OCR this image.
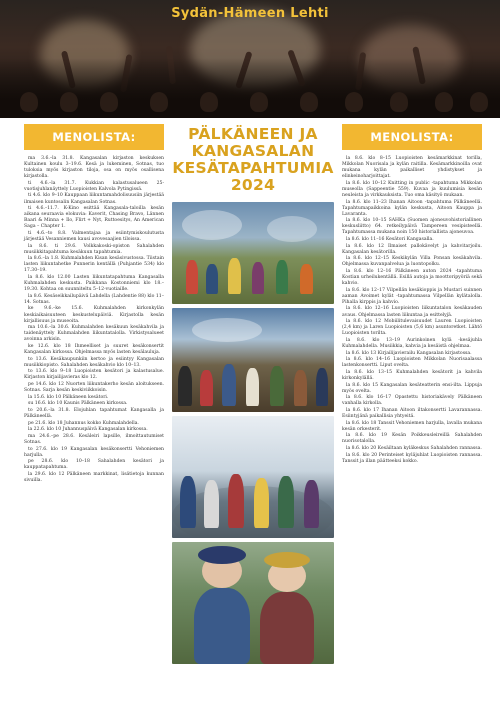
Sydän-Hämeen Lehti
MENOLISTA:

ma 3.6.–la 31.8. Kangasalan kirjaston keskuksen Kultainen koulu 3–19.6. Kesä ja lukeminen, Sotnas, tuo tuloksia myös kirjaston tiloja, osa on myös osallisena kirjastolla.

ti 4.6.–la 31.7. Kukkian kalastusalueen 25-vuotisjuhlanäyttely Luopioisten Kalvola Pytingissä.

ti 4.6. klo 9–10 Kauppaan liikuntamahdolisuusiin järjestää ilmaisen kuntosalin Kangasalan Sotnas.

ti 4.6.–11.7. K-Kino esittää Kangasala-taloilla kesän aikana seuraavia elokuvia: Kaverit, Chasing Bravo, Lännen Baari & Minna + Ilo, Flirt + Nyt, Ruttoesitys, An American Saga – Chapter 1.

ti 4.6.–to 8.8. Valmentajaa ja esiintymiskoulutusta järjestää Vesanniemen kausi avovesaajien tiloissa.

la 8.6. ti 29.6. Volkkakoski-opiston Sahalahden musiikkitapahtuma kesäkuun tapahtumia.

la 8.6.–la 1.8. Kuhmalahden Kisan kesäsivustossa. Tiistain lasten liikuntahetke Punnerin kentällä (Puhjantie 534) klo 17.30–19.

la 8.6. klo 12.00 Lasten liikuntatapahtuma Kangasalla Kuhmalahden keskusta. Paikkana Kostonniemi klo 18.–19.30. Kohtaa on suunniteltu 5–12-vuotiaille.

la 8.6. Kesäseikkailupäivä Lahdella (Lahdentie 88) klo 11–14. Sotnas.

ke 9.6.–ke 15.6. Kuhmalahden kirkonkylän keskiaikaisuuteen keskustelupäiviä. Kirjastolla kesän kirjallisuus ja museoita.

ma 10.6.–la 30.6. Kuhmalahden kesäkuun kesäkahvila ja taidenäyttely Kuhmalahden liikuntatalolla. Virkistysalueet avoinna arkisin.

ke 12.6. klo 18 Ihmeelliset ja suuret kesäkonsertit Kangasalan kirkossa. Ohjelmassa myös lasten kesälauluja.

to 13.6. Kesäkaupunkiin kertoo ja esiintyy Kangasalan musiikkiopisto. Sahalahden kesäkahvio klo 10–13.

to 13.6. klo 9–18 Luopioisten kesätori ja kalastusalue. Kirjaston kirjailijavieras klo 12.

pe 14.6. klo 12 Nuorten liikuntakerho kesän aloitukseen. Sotnas. Sarja kesän keskiviikkoisin.

la 15.6. klo 10 Pälkäneen kesätori.

su 16.6. klo 10 Kaunis Pälkäneen kirkossa.

to 20.6.–la 31.8. Elojuhlan tapahtumat Kangasalla ja Pälkäneellä.

pe 21.6. klo 18 Juhannus kokko Kuhmalahdella.

la 22.6. klo 10 Juhannuspäivä Kangasalan kirkossa.

ma 24.6.–pe 28.6. Kesäleiri lapsille, ilmoittautumiset Sotnas.

to 27.6. klo 19 Kangasalan kesäkonsertti Vehoniemen harjulla.

pe 28.6. klo 10–18 Sahalahden kesätori ja kauppatapahtuma.

la 29.6. klo 12 Pälkäneen markkinat, lisätietoja kunnan sivuilla.

PÄLKÄNEEN JA KANGASALAN KESÄTAPAHTUMIA 2024
MENOLISTA:

la 8.6. klo 8–15 Luopioisten kesämarkkinat torilla, Mikkolan Nuorisala ja kylän raitilla. Kesämarkkinoilla ovat mukana kylän paikalliset yhdistykset ja elinkeinoharjoittajat.

la 8.6. klo 10–12 Knitting in public -tapahtuma Mikkolan museolla (Sappeentie 559). Kuvaa ja kuulumisia kesän neuleista ja virkkauksista. Tuo oma käsityö mukaan.

la 8.6. klo 11–23 Ihanan Aitoon -tapahtuma Pälkäneellä. Tapahtumapaikkoina kylän keskusta, Aitoon Kauppa ja Lavaranta.

la 8.6. klo 10–15 SAHKa (Suomen ajoneuvohistoriallinen keskusliitto) 64. retkeilypäivä Tampereen vesipisteellä. Tapahtumassa mukana noin 150 historiallista ajoneuvoa.

la 8.6. klo 11–16 Kesätori Kangasalla.

la 8.6. klo 12 Ilmaiset pallokävelyt ja kahvitarjoilu. Kangasalan kesätorilla.

la 8.6. klo 12–15 Keskikylän Villa Ponsan kesäkahvila. Ohjelmassa kuvanpalvelua ja luontopolku.

la 8.6. klo 12–16 Pälkäneen auton 2024 -tapahtuma Kostian urheilukentällä. Esillä autoja ja moottoripyöriä sekä kahvio.

la 8.6. klo 12–17 Vilpellän kesäkioppis ja Mustari suinnen aaman Avoimet kylät -tapahtumassa Vilpellän kylätalolla. Pihalla kirppis ja kahvio.

la 8.6. klo 12–16 Luopioisten liikuntatalon kesäkauden avaus. Ohjelmassa lasten liikuntaa ja esittelyjä.

la 8.6. klo 12 Mobiilitulevaisuudet Lauren Luopioisten (2,4 km) ja Laren Luopioisten (5,6 km) asuntoretket. Lähtö Luopioisten torilta.

la 8.6. klo 13–19 Aurinkoinen kylä -kesäjuhla Kuhmalahdella. Musiikkia, kahvia ja kesäistä ohjelmaa.

la 8.6. klo 13 Kirjailijavierailu Kangasalan kirjastossa.

la 8.6. klo 14–16 Luopioisten Mikkolan Nuorisaalassa lastenkonsertti. Liput ovelta.

la 8.6. klo 13–15 Kuhmalahden kesätorit ja kahvila kirkonkylällä.

la 8.6. klo 15 Kangasalan kesäteatterin ensi-ilta. Lippuja myös ovelta.

la 8.6. klo 16–17 Opastettu historiakävely Pälkäneen vanhalla kirkolla.

la 8.6. klo 17 Ihanan Aitoon iltakonsertti Lavarannassa. Esiintyjänä paikallisia yhtyeitä.

la 8.6. klo 18 Tanssit Vehoniemen harjulla, lavalla mukana kesän orkesterit.

la 8.6. klo 19 Kesän Poikkeusleireillä Sahalahden nuorisotalolla.

la 8.6. klo 20 Kesäiltaan kyläkeskus Sahalahden rannassa.

la 8.6. klo 20 Perinteiset kyläjuhlat Luopioisten rannassa. Tanssit ja illan päätteeksi kokko.
